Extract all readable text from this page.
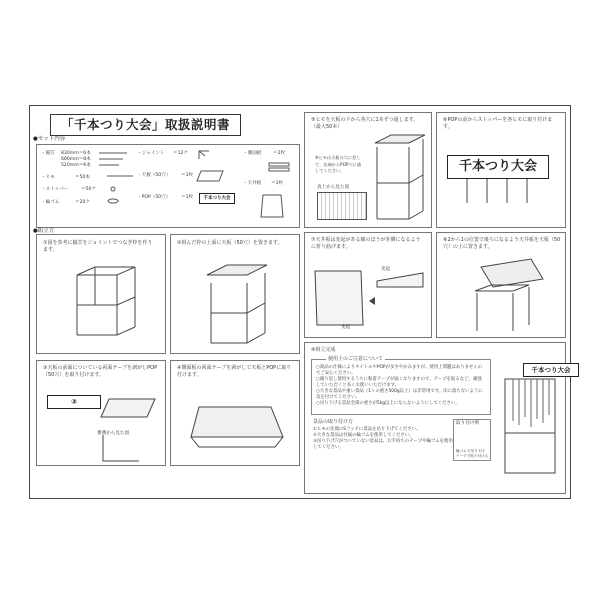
「千本つり大会」取扱説明書
●セット内容
・脇笠 830mm＝6本
600mm＝8本
520mm＝6本
・ヒモ	＝50本
・ストッパー	＝50ケ
・輪ゴム	＝20ケ
・ジョイント ＝12ケ
・天板（50穴） ＝1枚
・POP（50穴） ＝1枚	千本つり大会
・側面板	＝2枚
・天井板 ＝1枚
●組立方
①図を参考に脇笠をジョイントでつなぎ枠を作ります。
②組んだ枠の上面に天板（50穴）を置きます。
③天板の前面についている両面テープを剥がしPOP（50穴）を取り付けます。
③
裏側から見た図
④側面板の両面テープを剥がして天板とPOPに取り付けます。
⑤ヒモを天板の下から各穴に1本ずつ通します。（最大50本）
※ヒモは天板の穴に差して、先端からPOP穴に通してください。
真上から見た図
⑥POPの前からストッパーを各ヒモに取り付けます。
千本つり大会
⑦天井板は実起がある線のほうが外側になるように折り曲げます。
実起
実起
⑧2から1の位置で後ろになるよう天井板を天板（50穴）の上に置きます。
⑨組立完成
使用上のご注意について
○商品の仕様によりタイトルやPOPが多少やかみますが、使用上問題はありませんのでご安心ください。
○繰り返し使用するうちに粘着テープが弱くなりますので、テープを貼るなど、補強していただくと長くお使いいただけます。
○大きな景品や重い景品（1ヶの重さ500g以上）は非常用です。床に落ちないように気を付けてください。
○吊り下げる景品全部の重さが5kg以上にならないようにしてください。
景品の取り付け方
①ヒモの先端のSフックに景品を吊り下げてください。
②大きな景品は付属の輪ゴムを使用してください。
③吊り下げ穴がついていない景品は、お手持ちのテープや輪ゴムを使用してください。
取り付け例
輪ゴムで吊り下げ
テープで貼り付ける
千本つり大会
